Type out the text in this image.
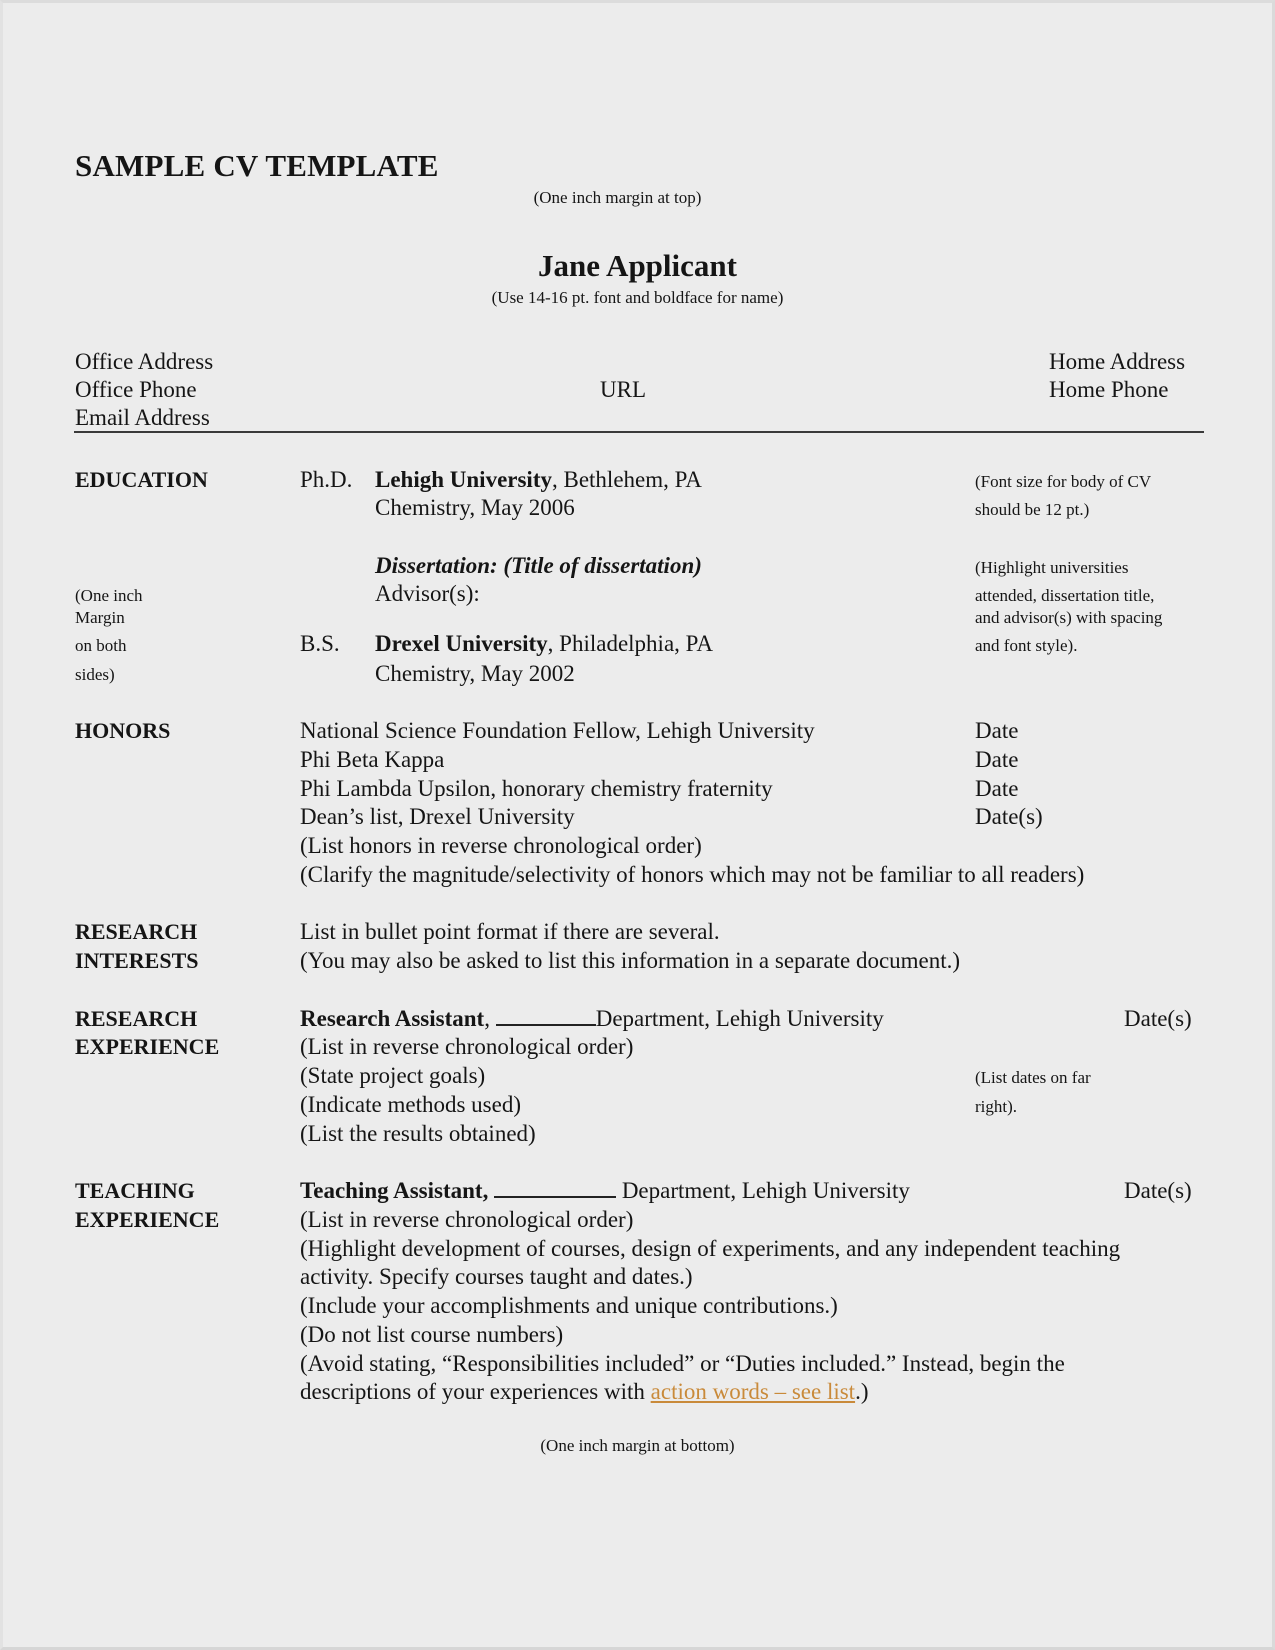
SAMPLE CV TEMPLATE
(One inch margin at top)
Jane Applicant
(Use 14-16 pt. font and boldface for name)
Office Address
Office Phone
Email Address
URL
Home Address
Home Phone
EDUCATION	Ph.D. Lehigh University, Bethlehem, PA
Chemistry, May 2006
Dissertation: (Title of dissertation)
Advisor(s):
B.S. Drexel University, Philadelphia, PA
Chemistry, May 2002
(One inch
Margin
on both
sides)
(Font size for body of CV
should be 12 pt.)
(Highlight universities
attended, dissertation title,
and advisor(s) with spacing
and font style).
HONORS	National Science Foundation Fellow, Lehigh University	Date
Phi Beta Kappa	Date
Phi Lambda Upsilon, honorary chemistry fraternity	Date
Dean’s list, Drexel University	Date(s)
(List honors in reverse chronological order)
(Clarify the magnitude/selectivity of honors which may not be familiar to all readers)
RESEARCH
INTERESTS
List in bullet point format if there are several.
(You may also be asked to list this information in a separate document.)
RESEARCH
EXPERIENCE
Research Assistant,	Department, Lehigh University	Date(s)
(List in reverse chronological order)
(State project goals)
(Indicate methods used)
(List the results obtained)
(List dates on far
right).
TEACHING
EXPERIENCE
Teaching Assistant,	Department, Lehigh University	Date(s)
(List in reverse chronological order)
(Highlight development of courses, design of experiments, and any independent teaching
activity. Specify courses taught and dates.)
(Include your accomplishments and unique contributions.)
(Do not list course numbers)
(Avoid stating, “Responsibilities included” or “Duties included.” Instead, begin the
descriptions of your experiences with action words – see list.)
(One inch margin at bottom)
